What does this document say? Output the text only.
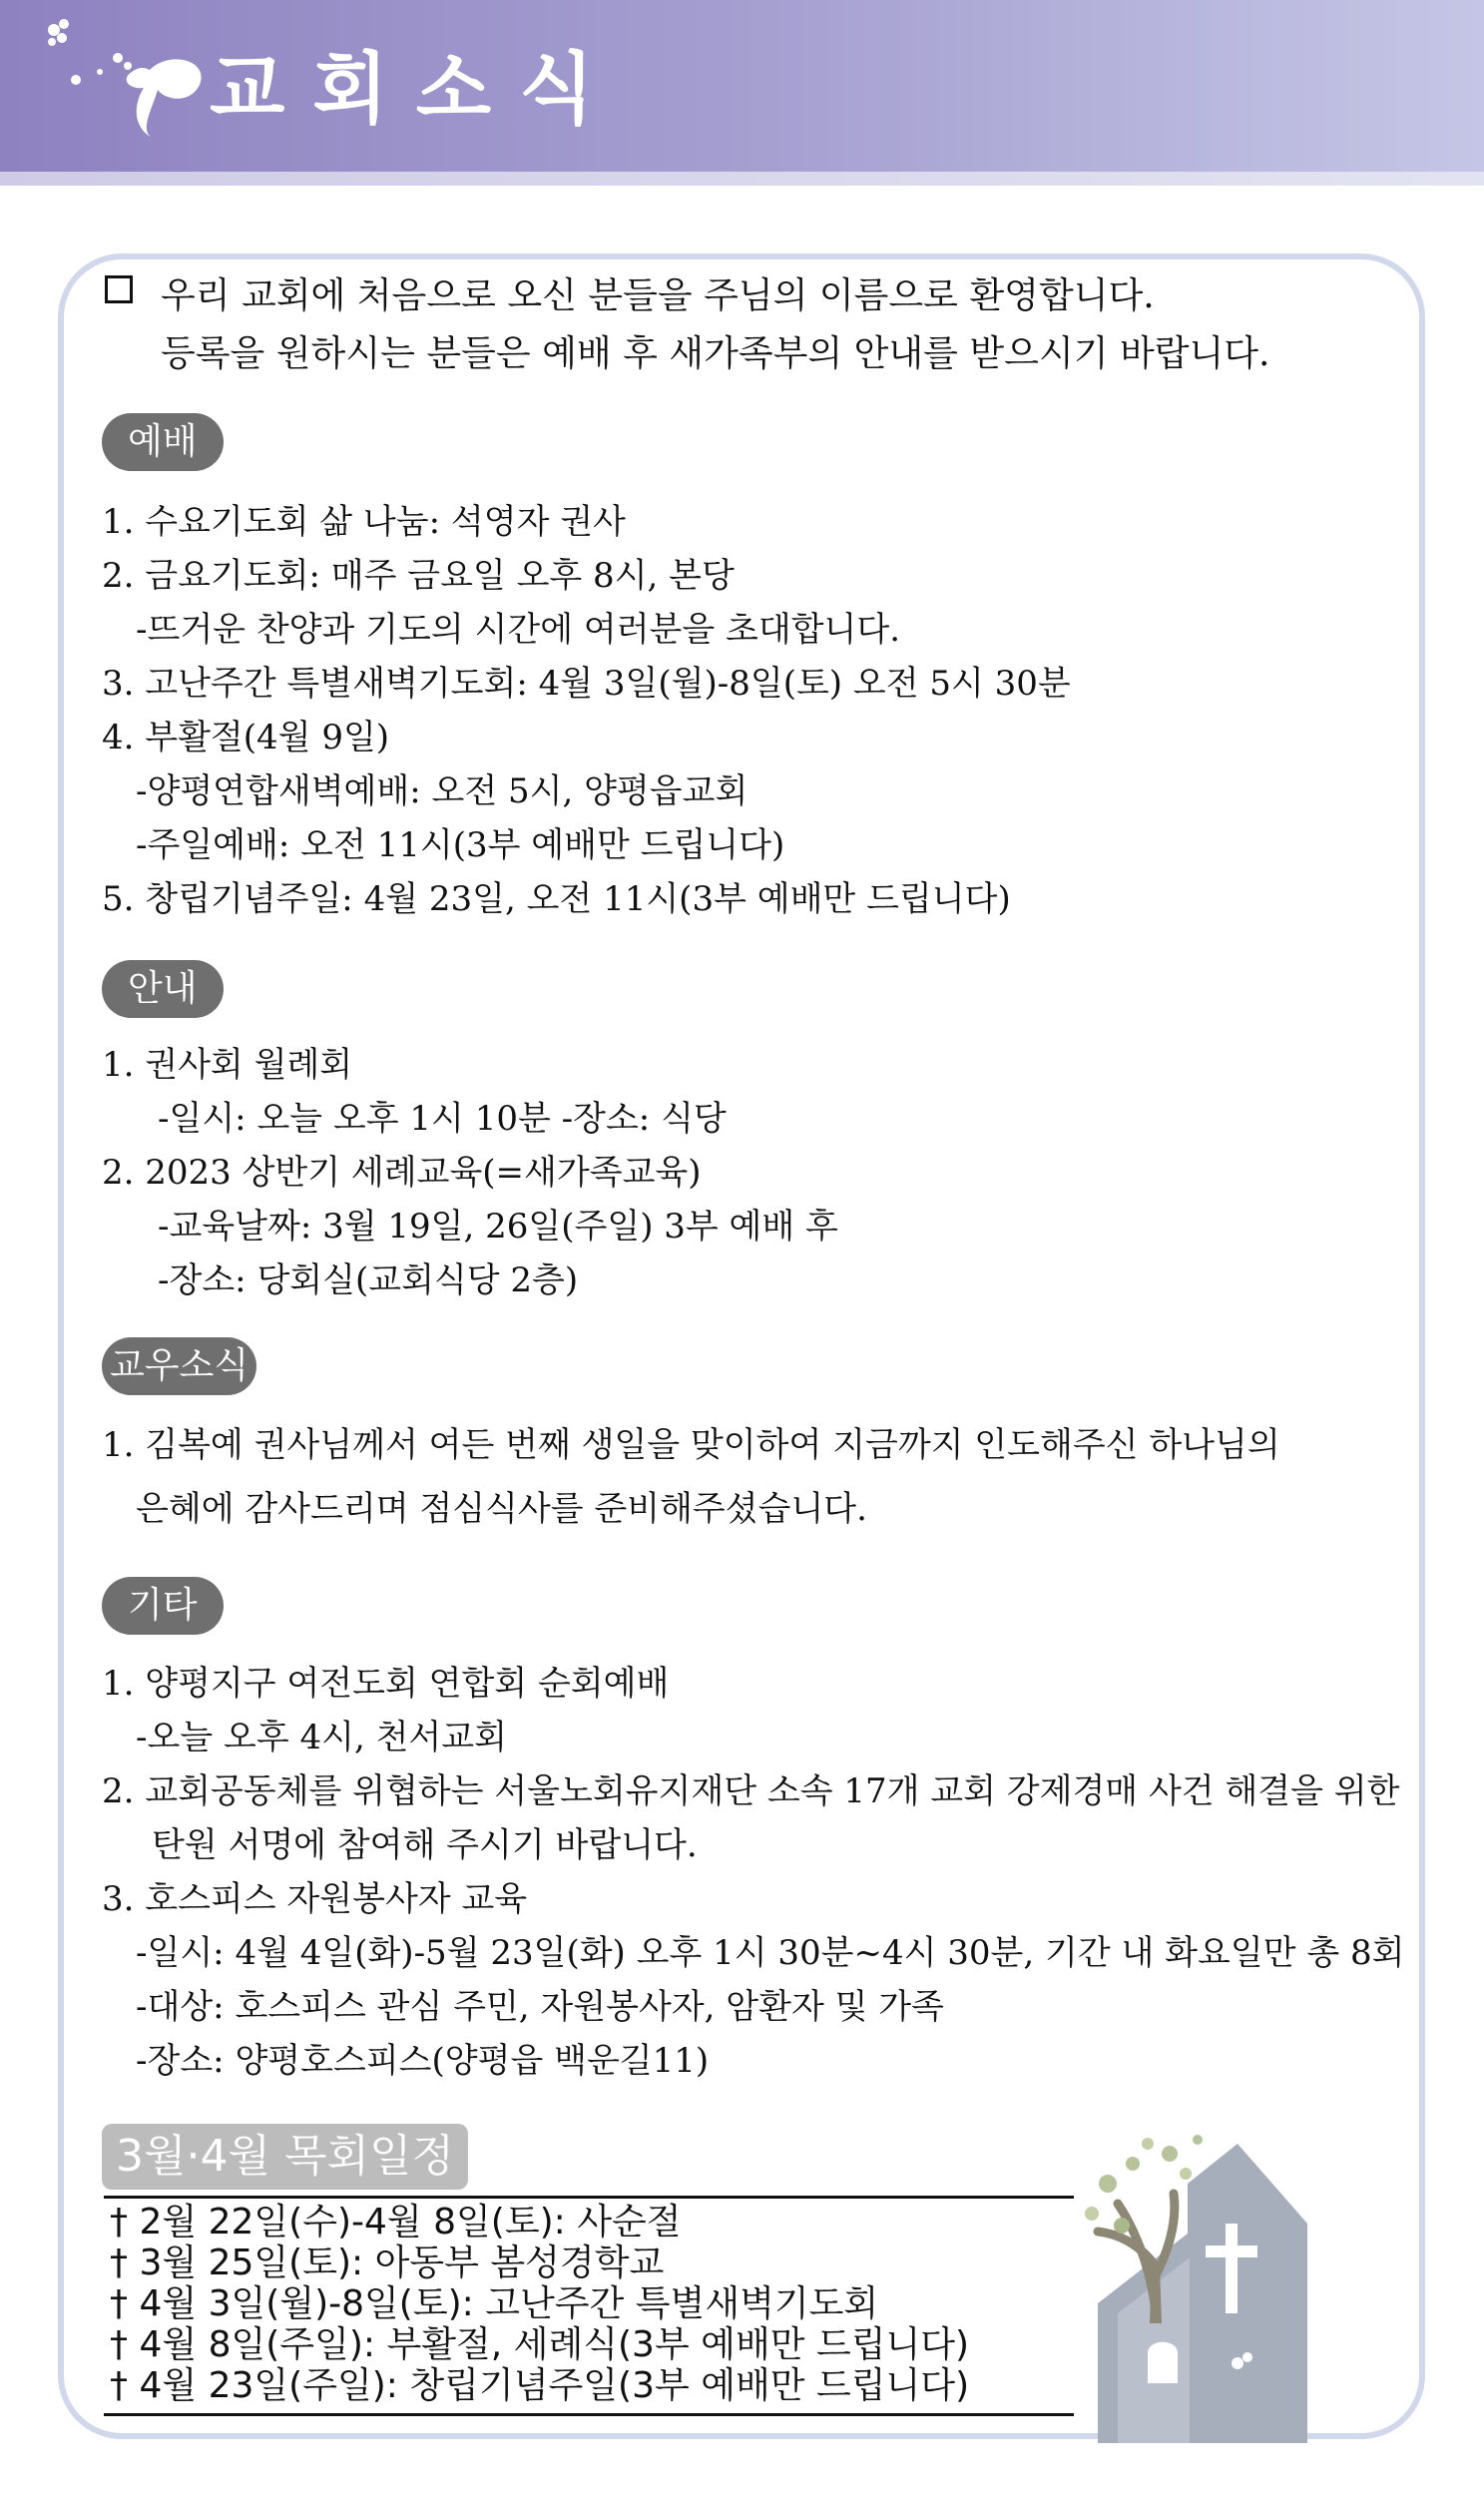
교회소식
우리 교회에 처음으로 오신 분들을 주님의 이름으로 환영합니다.
등록을 원하시는 분들은 예배 후 새가족부의 안내를 받으시기 바랍니다.
예배
1. 수요기도회 삶 나눔: 석영자 권사
2. 금요기도회: 매주 금요일 오후 8시, 본당
-뜨거운 찬양과 기도의 시간에 여러분을 초대합니다.
3. 고난주간 특별새벽기도회: 4월 3일(월)-8일(토) 오전 5시 30분
4. 부활절(4월 9일)
-양평연합새벽예배: 오전 5시, 양평읍교회
-주일예배: 오전 11시(3부 예배만 드립니다)
5. 창립기념주일: 4월 23일, 오전 11시(3부 예배만 드립니다)
안내
1. 권사회 월례회
-일시: 오늘 오후 1시 10분 -장소: 식당
2. 2023 상반기 세례교육(=새가족교육)
-교육날짜: 3월 19일, 26일(주일) 3부 예배 후
-장소: 당회실(교회식당 2층)
교우소식
1. 김복예 권사님께서 여든 번째 생일을 맞이하여 지금까지 인도해주신 하나님의
은혜에 감사드리며 점심식사를 준비해주셨습니다.
기타
1. 양평지구 여전도회 연합회 순회예배
-오늘 오후 4시, 천서교회
2. 교회공동체를 위협하는 서울노회유지재단 소속 17개 교회 강제경매 사건 해결을 위한
탄원 서명에 참여해 주시기 바랍니다.
3. 호스피스 자원봉사자 교육
-일시: 4월 4일(화)-5월 23일(화) 오후 1시 30분~4시 30분, 기간 내 화요일만 총 8회
-대상: 호스피스 관심 주민, 자원봉사자, 암환자 및 가족
-장소: 양평호스피스(양평읍 백운길11)
3월·4월 목회일정
† 2월 22일(수)-4월 8일(토): 사순절
† 3월 25일(토): 아동부 봄성경학교
† 4월 3일(월)-8일(토): 고난주간 특별새벽기도회
† 4월 8일(주일): 부활절, 세례식(3부 예배만 드립니다)
† 4월 23일(주일): 창립기념주일(3부 예배만 드립니다)
